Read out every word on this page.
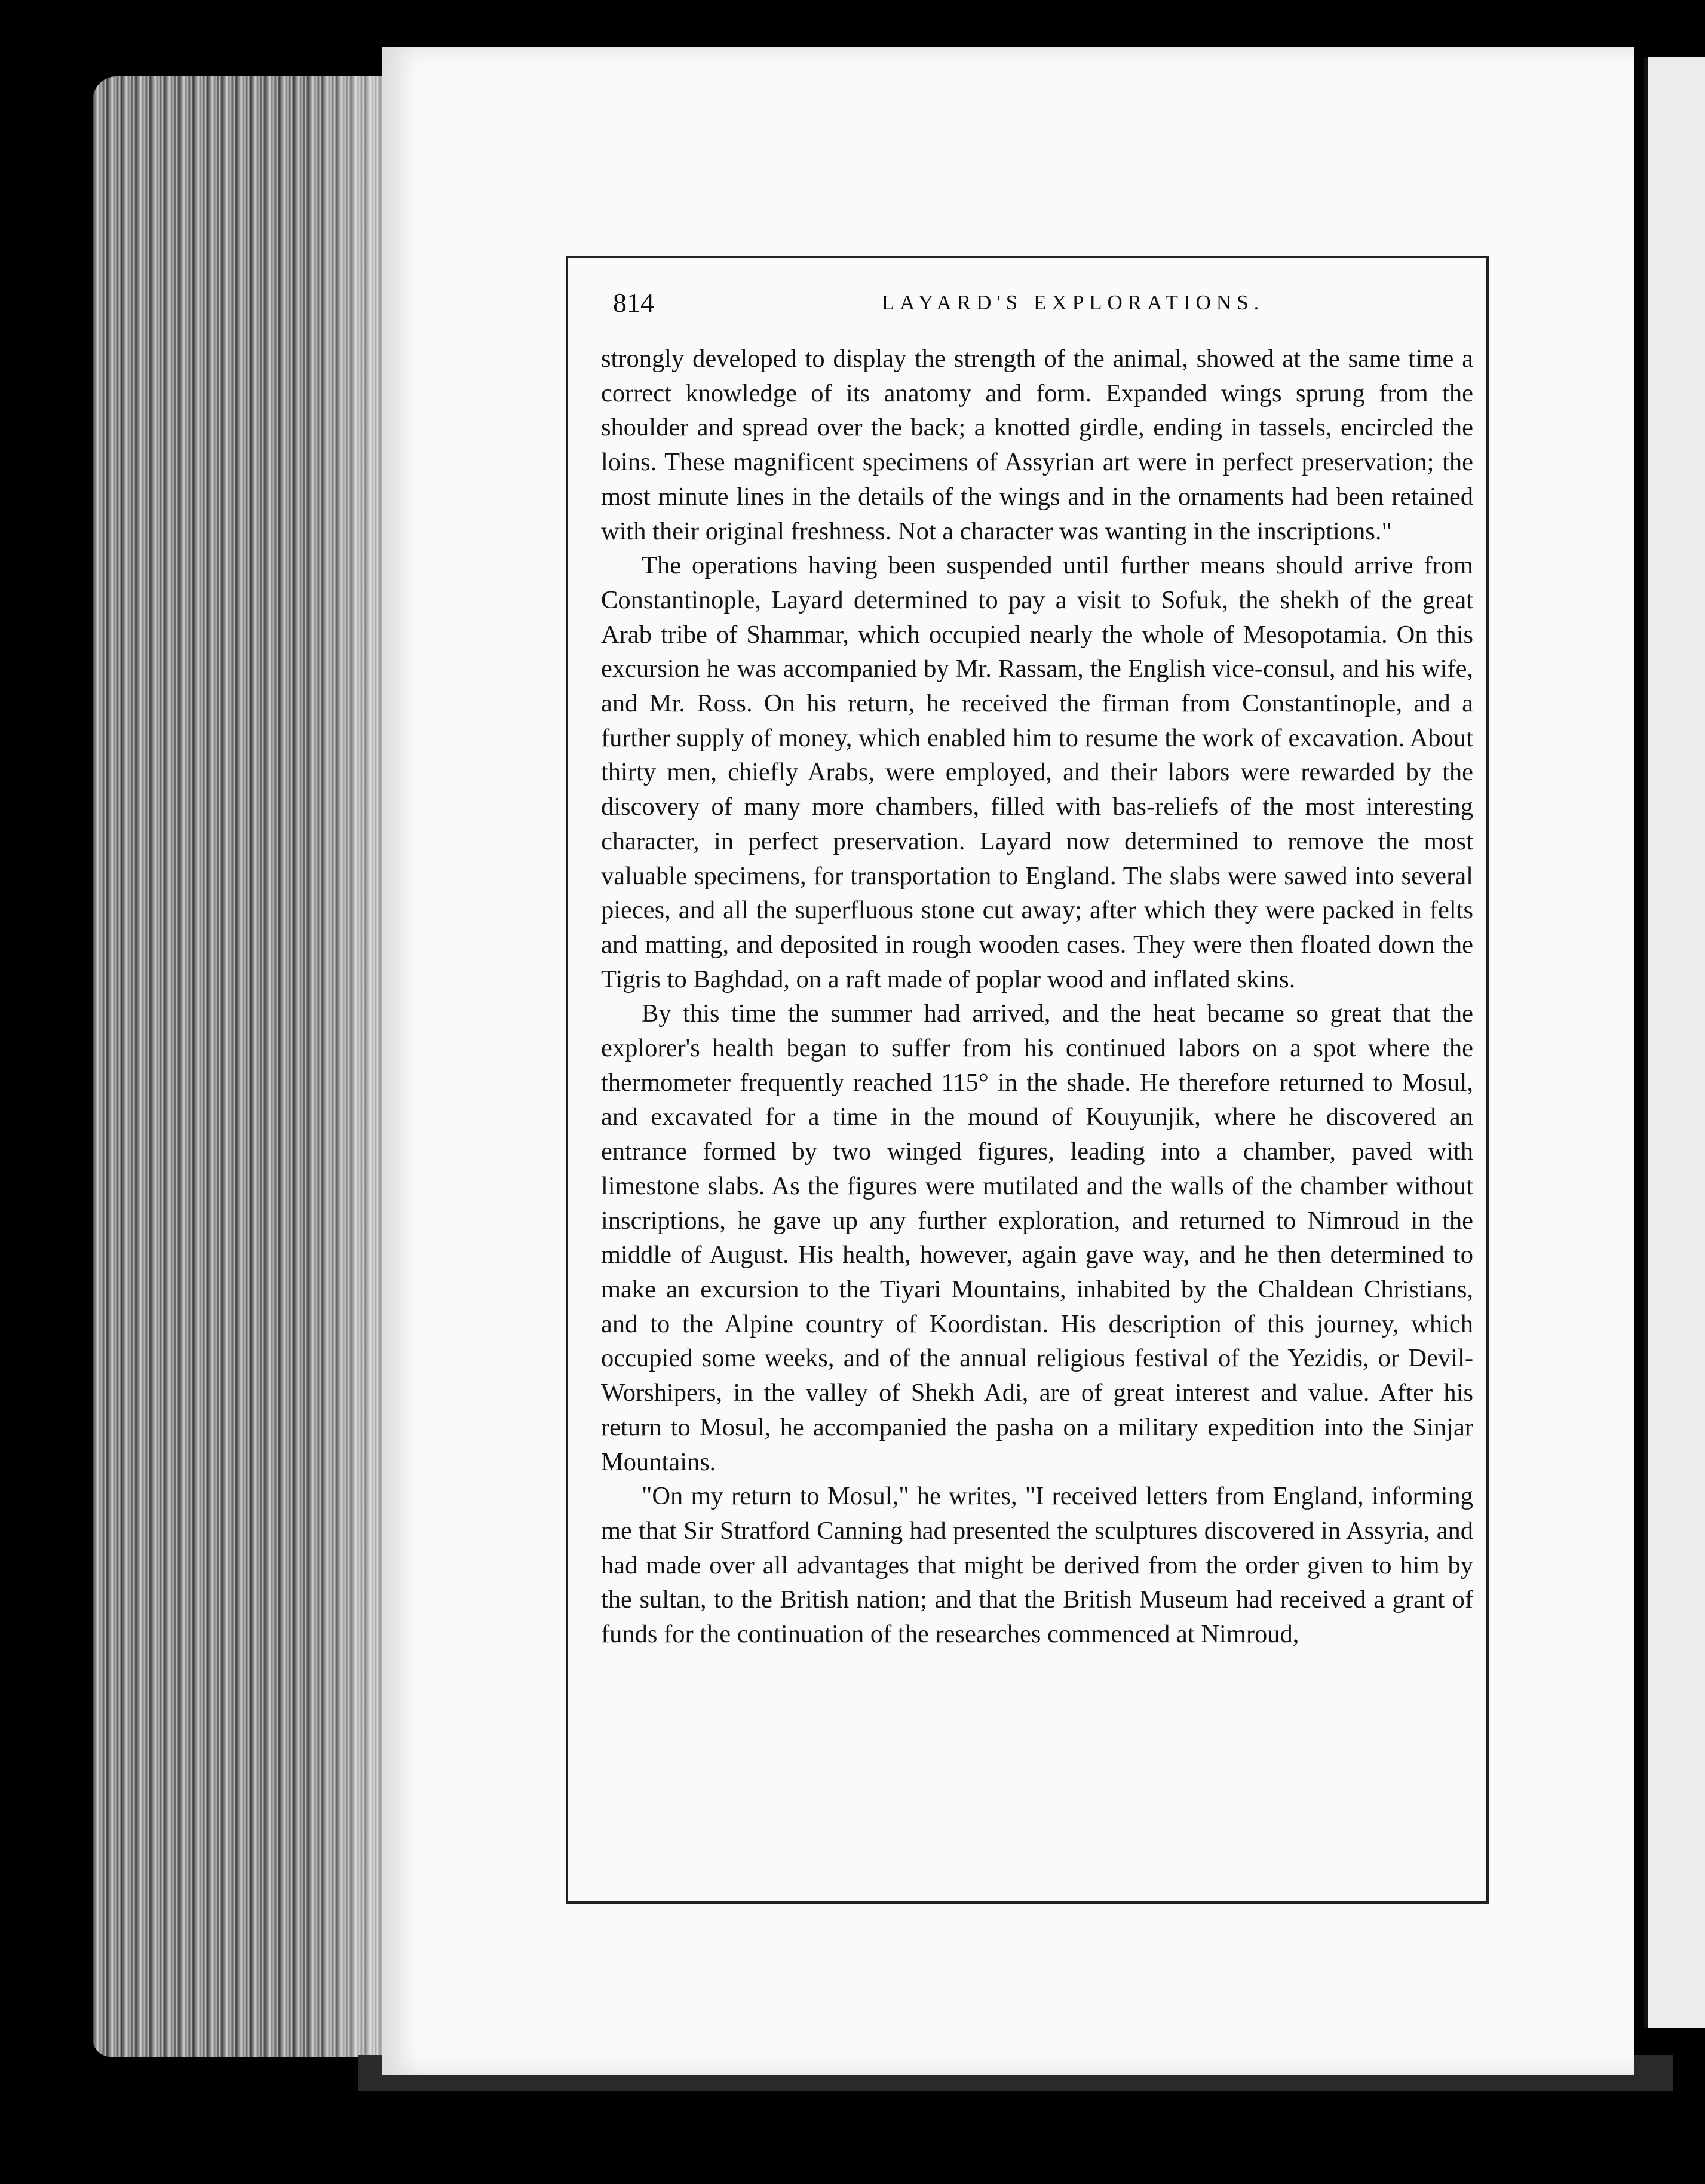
814	LAYARD'S EXPLORATIONS.

strongly developed to display the strength of the animal, showed at the same time a correct knowledge of its anatomy and form. Expanded wings sprung from the shoulder and spread over the back; a knotted girdle, ending in tassels, encircled the loins. These magnificent specimens of Assyrian art were in perfect preservation; the most minute lines in the details of the wings and in the ornaments had been retained with their original freshness. Not a character was wanting in the inscriptions."

The operations having been suspended until further means should arrive from Constantinople, Layard determined to pay a visit to Sofuk, the shekh of the great Arab tribe of Shammar, which occupied nearly the whole of Mesopotamia. On this excursion he was accompanied by Mr. Rassam, the English vice-consul, and his wife, and Mr. Ross. On his return, he received the firman from Constantinople, and a further supply of money, which enabled him to resume the work of excavation. About thirty men, chiefly Arabs, were employed, and their labors were rewarded by the discovery of many more chambers, filled with bas-reliefs of the most interesting character, in perfect preservation. Layard now determined to remove the most valuable specimens, for transportation to England. The slabs were sawed into several pieces, and all the superfluous stone cut away; after which they were packed in felts and matting, and deposited in rough wooden cases. They were then floated down the Tigris to Baghdad, on a raft made of poplar wood and inflated skins.

By this time the summer had arrived, and the heat became so great that the explorer's health began to suffer from his continued labors on a spot where the thermometer frequently reached 115° in the shade. He therefore returned to Mosul, and excavated for a time in the mound of Kouyunjik, where he discovered an entrance formed by two winged figures, leading into a chamber, paved with limestone slabs. As the figures were mutilated and the walls of the chamber without inscriptions, he gave up any further exploration, and returned to Nimroud in the middle of August. His health, however, again gave way, and he then determined to make an excursion to the Tiyari Mountains, inhabited by the Chaldean Christians, and to the Alpine country of Koordistan. His description of this journey, which occupied some weeks, and of the annual religious festival of the Yezidis, or Devil-Worshipers, in the valley of Shekh Adi, are of great interest and value. After his return to Mosul, he accompanied the pasha on a military expedition into the Sinjar Mountains.

"On my return to Mosul," he writes, "I received letters from England, informing me that Sir Stratford Canning had presented the sculptures discovered in Assyria, and had made over all advantages that might be derived from the order given to him by the sultan, to the British nation; and that the British Museum had received a grant of funds for the continuation of the researches commenced at Nimroud,
